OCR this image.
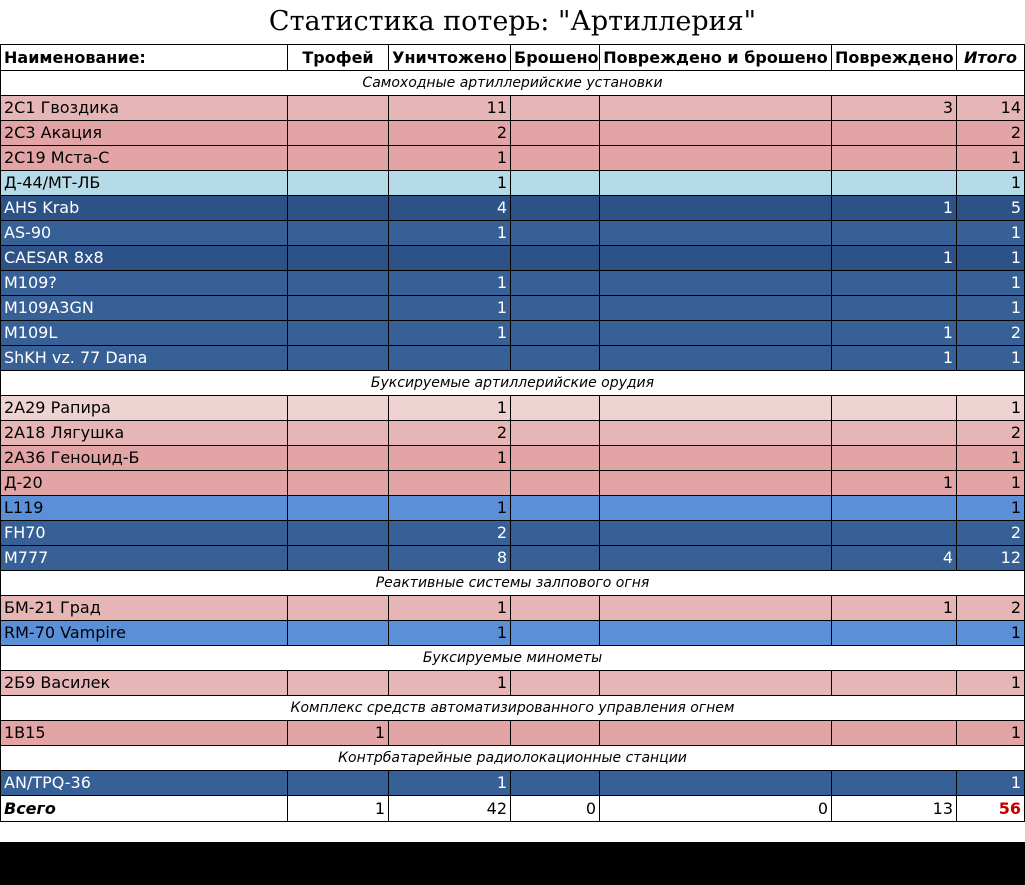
Статистика потерь: "Артиллерия"						
Наименование:	Трофей	Уничтожено	Брошено	Повреждено и брошено	Повреждено	Итого
Самоходные артиллерийские установки						
2С1 Гвоздика		11			3	14
2С3 Акация		2				2
2С19 Мста-С		1				1
Д-44/МТ-ЛБ		1				1
AHS Krab		4			1	5
AS-90		1				1
CAESAR 8x8					1	1
M109?		1				1
M109A3GN		1				1
M109L		1			1	2
ShKH vz. 77 Dana					1	1
Буксируемые артиллерийские орудия						
2А29 Рапира		1				1
2А18 Лягушка		2				2
2А36 Геноцид-Б		1				1
Д-20					1	1
L119		1				1
FH70		2				2
M777		8			4	12
Реактивные системы залпового огня						
БМ-21 Град		1			1	2
RM-70 Vampire		1				1
Буксируемые минометы						
2Б9 Василек		1				1
Комплекс средств автоматизированного управления огнем						
1В15	1					1
Контрбатарейные радиолокационные станции						
AN/TPQ-36		1				1
Всего	1	42	0	0	13	56
